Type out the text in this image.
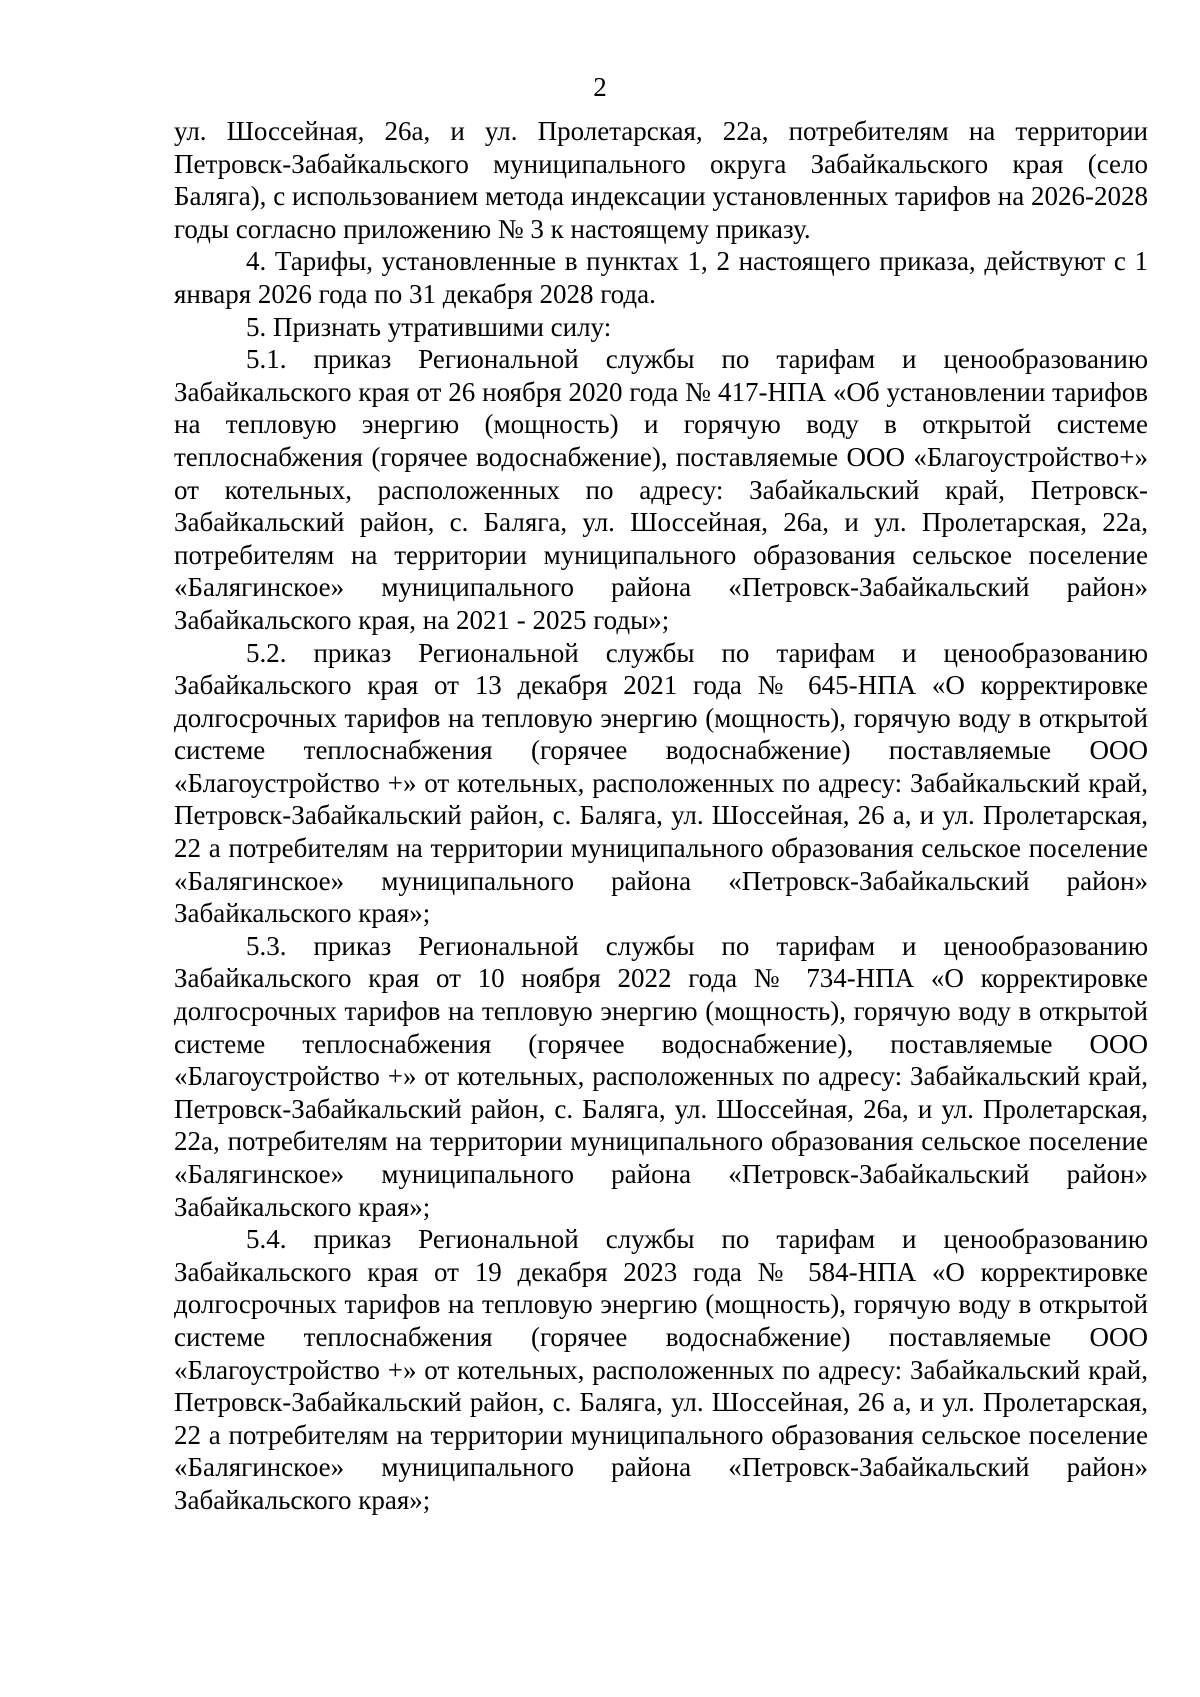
2

ул. Шоссейная, 26а, и ул. Пролетарская, 22а, потребителям на территории Петровск-Забайкальского муниципального округа Забайкальского края (село Баляга), с использованием метода индексации установленных тарифов на 2026-2028 годы согласно приложению № 3 к настоящему приказу.

4. Тарифы, установленные в пунктах 1, 2 настоящего приказа, действуют с 1 января 2026 года по 31 декабря 2028 года.

5. Признать утратившими силу:

5.1. приказ Региональной службы по тарифам и ценообразованию Забайкальского края от 26 ноября 2020 года № 417-НПА «Об установлении тарифов на тепловую энергию (мощность) и горячую воду в открытой системе теплоснабжения (горячее водоснабжение), поставляемые ООО «Благоустройство+» от котельных, расположенных по адресу: Забайкальский край, Петровск-Забайкальский район, с. Баляга, ул. Шоссейная, 26а, и ул. Пролетарская, 22а, потребителям на территории муниципального образования сельское поселение «Балягинское» муниципального района «Петровск-Забайкальский район» Забайкальского края, на 2021 - 2025 годы»;

5.2. приказ Региональной службы по тарифам и ценообразованию Забайкальского края от 13 декабря 2021 года № 645-НПА «О корректировке долгосрочных тарифов на тепловую энергию (мощность), горячую воду в открытой системе теплоснабжения (горячее водоснабжение) поставляемые ООО «Благоустройство +» от котельных, расположенных по адресу: Забайкальский край, Петровск-Забайкальский район, с. Баляга, ул. Шоссейная, 26 а, и ул. Пролетарская, 22 а потребителям на территории муниципального образования сельское поселение «Балягинское» муниципального района «Петровск-Забайкальский район» Забайкальского края»;

5.3. приказ Региональной службы по тарифам и ценообразованию Забайкальского края от 10 ноября 2022 года № 734-НПА «О корректировке долгосрочных тарифов на тепловую энергию (мощность), горячую воду в открытой системе теплоснабжения (горячее водоснабжение), поставляемые ООО «Благоустройство +» от котельных, расположенных по адресу: Забайкальский край, Петровск-Забайкальский район, с. Баляга, ул. Шоссейная, 26а, и ул. Пролетарская, 22а, потребителям на территории муниципального образования сельское поселение «Балягинское» муниципального района «Петровск-Забайкальский район» Забайкальского края»;

5.4. приказ Региональной службы по тарифам и ценообразованию Забайкальского края от 19 декабря 2023 года № 584-НПА «О корректировке долгосрочных тарифов на тепловую энергию (мощность), горячую воду в открытой системе теплоснабжения (горячее водоснабжение) поставляемые ООО «Благоустройство +» от котельных, расположенных по адресу: Забайкальский край, Петровск-Забайкальский район, с. Баляга, ул. Шоссейная, 26 а, и ул. Пролетарская, 22 а потребителям на территории муниципального образования сельское поселение «Балягинское» муниципального района «Петровск-Забайкальский район» Забайкальского края»;
